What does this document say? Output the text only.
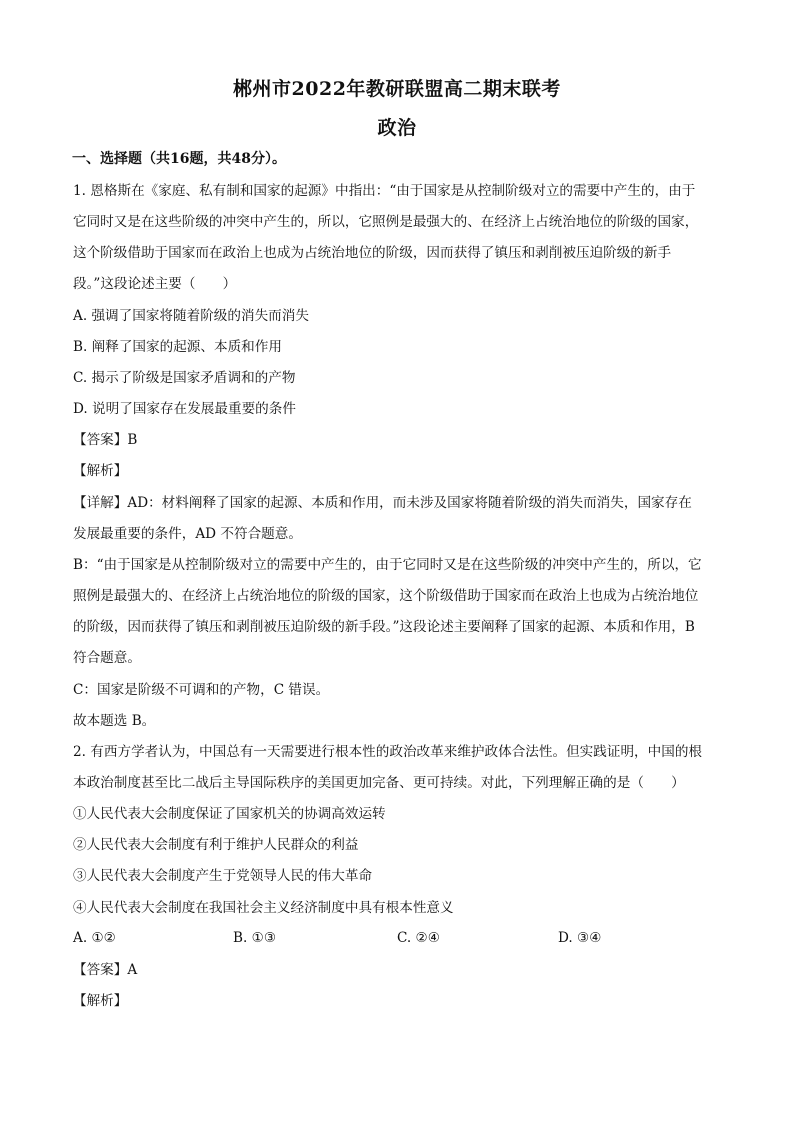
郴州市2022年教研联盟高二期末联考
政治
一、选择题（共16题，共48分）。
1. 恩格斯在《家庭、私有制和国家的起源》中指出：“由于国家是从控制阶级对立的需要中产生的，由于
它同时又是在这些阶级的冲突中产生的，所以，它照例是最强大的、在经济上占统治地位的阶级的国家，
这个阶级借助于国家而在政治上也成为占统治地位的阶级，因而获得了镇压和剥削被压迫阶级的新手
段。”这段论述主要（　　）
A. 强调了国家将随着阶级的消失而消失
B. 阐释了国家的起源、本质和作用
C. 揭示了阶级是国家矛盾调和的产物
D. 说明了国家存在发展最重要的条件
【答案】B
【解析】
【详解】AD：材料阐释了国家的起源、本质和作用，而未涉及国家将随着阶级的消失而消失，国家存在
发展最重要的条件，AD 不符合题意。
B：“由于国家是从控制阶级对立的需要中产生的，由于它同时又是在这些阶级的冲突中产生的，所以，它
照例是最强大的、在经济上占统治地位的阶级的国家，这个阶级借助于国家而在政治上也成为占统治地位
的阶级，因而获得了镇压和剥削被压迫阶级的新手段。”这段论述主要阐释了国家的起源、本质和作用，B
符合题意。
C：国家是阶级不可调和的产物，C 错误。
故本题选 B。
2. 有西方学者认为，中国总有一天需要进行根本性的政治改革来维护政体合法性。但实践证明，中国的根
本政治制度甚至比二战后主导国际秩序的美国更加完备、更可持续。对此，下列理解正确的是（　　）
①人民代表大会制度保证了国家机关的协调高效运转
②人民代表大会制度有利于维护人民群众的利益
③人民代表大会制度产生于党领导人民的伟大革命
④人民代表大会制度在我国社会主义经济制度中具有根本性意义
A. ①②	B. ①③	C. ②④	D. ③④
【答案】A
【解析】
